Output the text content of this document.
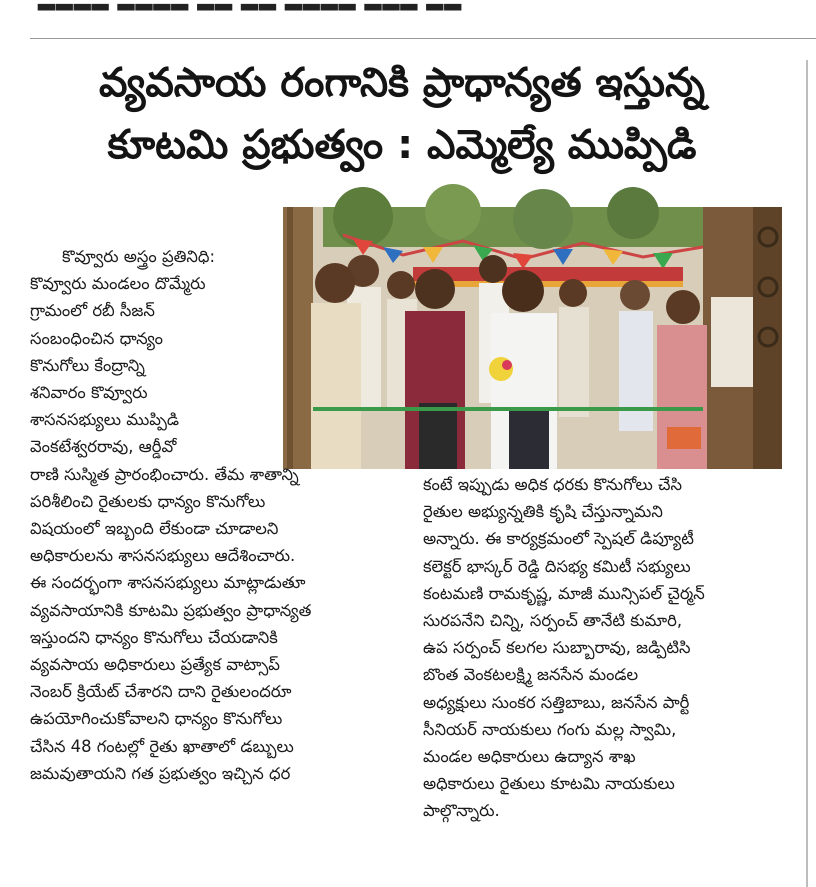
వ్యవసాయ రంగానికి ప్రాధాన్యత ఇస్తున్న
కూటమి ప్రభుత్వం : ఎమ్మెల్యే ముప్పిడి
కొవ్వూరు అస్త్రం ప్రతినిధి:
కొవ్వూరు మండలం దొమ్మేరు
గ్రామంలో రబీ సీజన్
సంబంధించిన ధాన్యం
కొనుగోలు కేంద్రాన్ని
శనివారం కొవ్వూరు
శాసనసభ్యులు ముప్పిడి
వెంకటేశ్వరరావు, ఆర్డీవో
రాణి సుస్మిత ప్రారంభించారు. తేమ శాతాన్ని
పరిశీలించి రైతులకు ధాన్యం కొనుగోలు
విషయంలో ఇబ్బంది లేకుండా చూడాలని
అధికారులను శాసనసభ్యులు ఆదేశించారు.
ఈ సందర్భంగా శాసనసభ్యులు మాట్లాడుతూ
వ్యవసాయానికి కూటమి ప్రభుత్వం ప్రాధాన్యత
ఇస్తుందని ధాన్యం కొనుగోలు చేయడానికి
వ్యవసాయ అధికారులు ప్రత్యేక వాట్సాప్
నెంబర్ క్రియేట్ చేశారని దాని రైతులందరూ
ఉపయోగించుకోవాలని ధాన్యం కొనుగోలు
చేసిన 48 గంటల్లో రైతు ఖాతాలో డబ్బులు
జమవుతాయని గత ప్రభుత్వం ఇచ్చిన ధర
కంటే ఇప్పుడు అధిక ధరకు కొనుగోలు చేసి
రైతుల అభ్యున్నతికి కృషి చేస్తున్నామని
అన్నారు. ఈ కార్యక్రమంలో స్పెషల్ డిప్యూటీ
కలెక్టర్ భాస్కర్ రెడ్డి దిసభ్య కమిటీ సభ్యులు
కంటమణి రామకృష్ణ, మాజీ మున్సిపల్ చైర్మన్
సురపనేని చిన్ని, సర్పంచ్ తానేటి కుమారి,
ఉప సర్పంచ్ కలగల సుబ్బారావు, జడ్పిటిసి
బొంత వెంకటలక్ష్మి జనసేన మండల
అధ్యక్షులు సుంకర సత్తిబాబు, జనసేన పార్టీ
సీనియర్ నాయకులు గంగు మల్ల స్వామి,
మండల అధికారులు ఉద్యాన శాఖ
అధికారులు రైతులు కూటమి నాయకులు
పాల్గొన్నారు.
